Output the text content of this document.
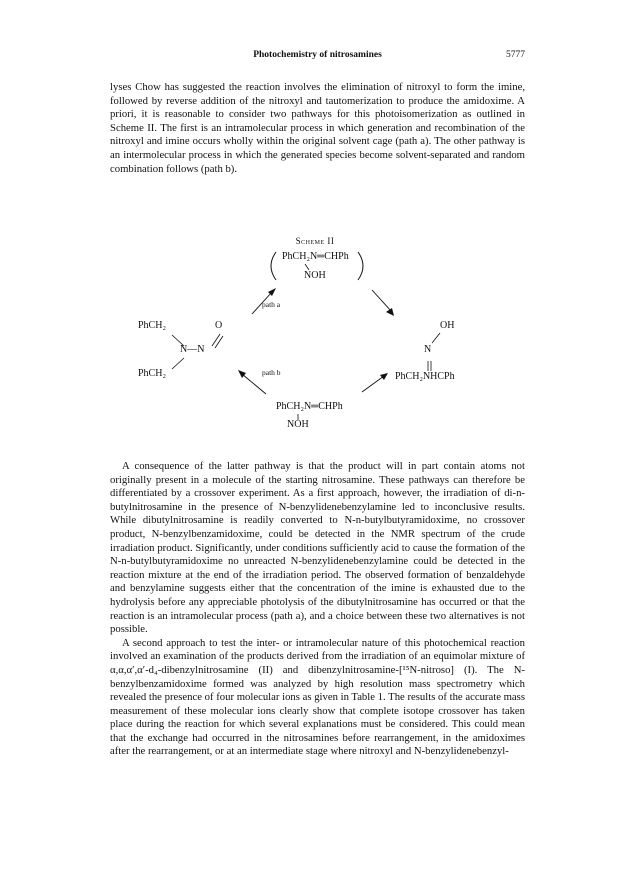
Photochemistry of nitrosamines	5777

lyses Chow has suggested the reaction involves the elimination of nitroxyl to form the imine, followed by reverse addition of the nitroxyl and tautomerization to produce the amidoxime. A priori, it is reasonable to consider two pathways for this photoisomerization as outlined in Scheme II. The first is an intramolecular process in which generation and recombination of the nitroxyl and imine occurs wholly within the original solvent cage (path a). The other pathway is an intermolecular process in which the generated species become solvent-separated and random combination follows (path b).

Scheme II
PhCH₂N═CHPh
NOH
path a
PhCH₂	O
N—N
PhCH₂
OH
N
PhCH₂NHCPh
path b
PhCH₂N═CHPh
NOH

A consequence of the latter pathway is that the product will in part contain atoms not originally present in a molecule of the starting nitrosamine. These pathways can therefore be differentiated by a crossover experiment. As a first approach, however, the irradiation of di-n-butylnitrosamine in the presence of N-benzylidenebenzylamine led to inconclusive results. While dibutylnitrosamine is readily converted to N-n-butylbutyramidoxime, no crossover product, N-benzylbenzamidoxime, could be detected in the NMR spectrum of the crude irradiation product. Significantly, under conditions sufficiently acid to cause the formation of the N-n-butylbutyramidoxime no unreacted N-benzylidenebenzylamine could be detected in the reaction mixture at the end of the irradiation period. The observed formation of benzaldehyde and benzylamine suggests either that the concentration of the imine is exhausted due to the hydrolysis before any appreciable photolysis of the dibutylnitrosamine has occurred or that the reaction is an intramolecular process (path a), and a choice between these two alternatives is not possible.

A second approach to test the inter- or intramolecular nature of this photochemical reaction involved an examination of the products derived from the irradiation of an equimolar mixture of α,α,α′,α′-d₄-dibenzylnitrosamine (II) and dibenzylnitrosamine-[¹⁵N-nitroso] (I). The N-benzylbenzamidoxime formed was analyzed by high resolution mass spectrometry which revealed the presence of four molecular ions as given in Table 1. The results of the accurate mass measurement of these molecular ions clearly show that complete isotope crossover has taken place during the reaction for which several explanations must be considered. This could mean that the exchange had occurred in the nitrosamines before rearrangement, in the amidoximes after the rearrangement, or at an intermediate stage where nitroxyl and N-benzylidenebenzyl-
